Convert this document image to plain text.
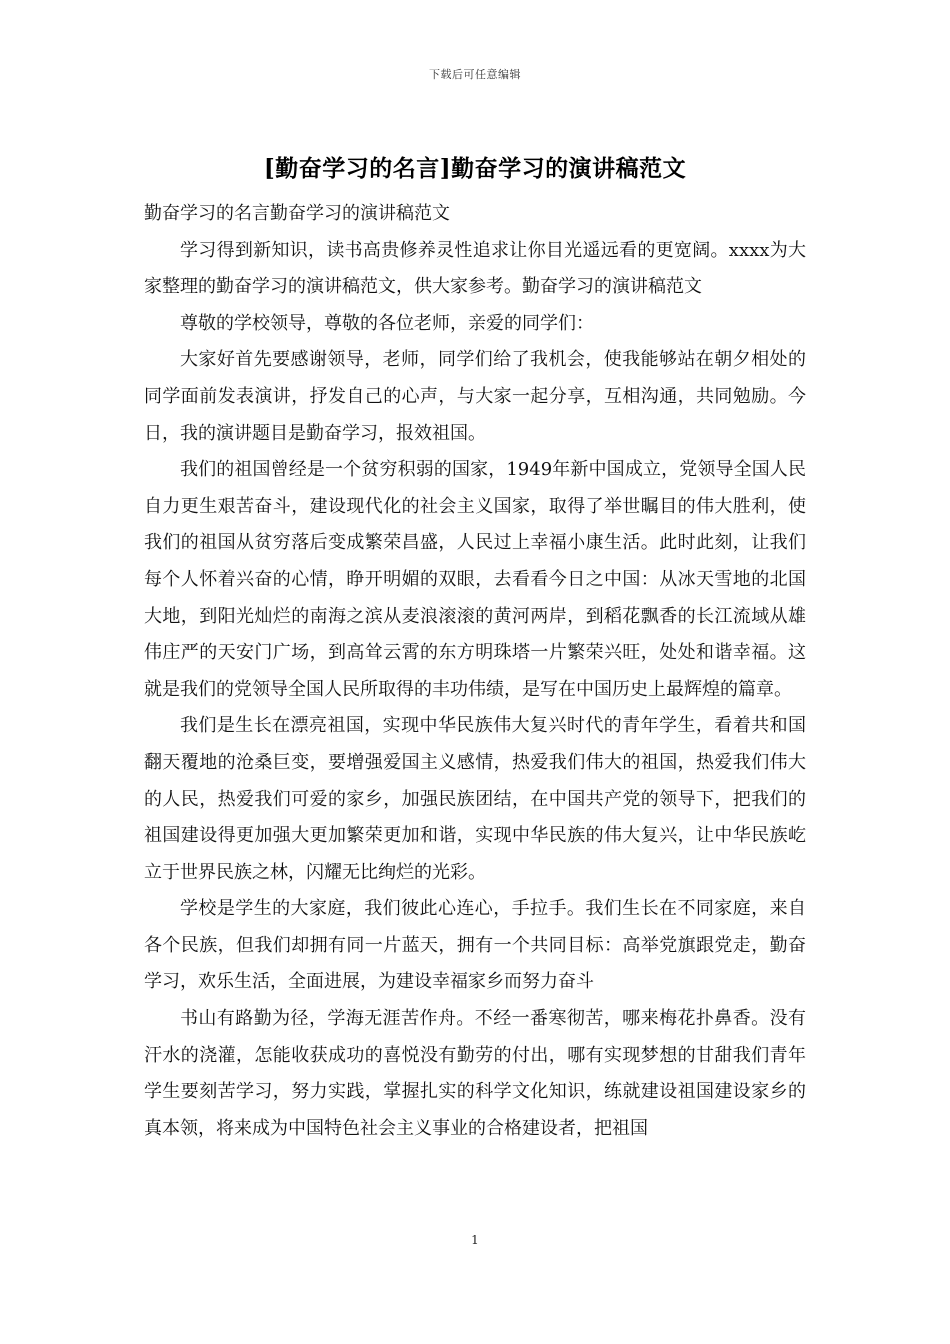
下载后可任意编辑
[勤奋学习的名言]勤奋学习的演讲稿范文

勤奋学习的名言勤奋学习的演讲稿范文

学习得到新知识，读书高贵修养灵性追求让你目光遥远看的更宽阔。xxxx为大家整理的勤奋学习的演讲稿范文，供大家参考。勤奋学习的演讲稿范文

尊敬的学校领导，尊敬的各位老师，亲爱的同学们：

大家好首先要感谢领导，老师，同学们给了我机会，使我能够站在朝夕相处的同学面前发表演讲，抒发自己的心声，与大家一起分享，互相沟通，共同勉励。今日，我的演讲题目是勤奋学习，报效祖国。

我们的祖国曾经是一个贫穷积弱的国家，1949年新中国成立，党领导全国人民自力更生艰苦奋斗，建设现代化的社会主义国家，取得了举世瞩目的伟大胜利，使我们的祖国从贫穷落后变成繁荣昌盛，人民过上幸福小康生活。此时此刻，让我们每个人怀着兴奋的心情，睁开明媚的双眼，去看看今日之中国：从冰天雪地的北国大地，到阳光灿烂的南海之滨从麦浪滚滚的黄河两岸，到稻花飘香的长江流域从雄伟庄严的天安门广场，到高耸云霄的东方明珠塔一片繁荣兴旺，处处和谐幸福。这就是我们的党领导全国人民所取得的丰功伟绩，是写在中国历史上最辉煌的篇章。

我们是生长在漂亮祖国，实现中华民族伟大复兴时代的青年学生，看着共和国翻天覆地的沧桑巨变，要增强爱国主义感情，热爱我们伟大的祖国，热爱我们伟大的人民，热爱我们可爱的家乡，加强民族团结，在中国共产党的领导下，把我们的祖国建设得更加强大更加繁荣更加和谐，实现中华民族的伟大复兴，让中华民族屹立于世界民族之林，闪耀无比绚烂的光彩。

学校是学生的大家庭，我们彼此心连心，手拉手。我们生长在不同家庭，来自各个民族，但我们却拥有同一片蓝天，拥有一个共同目标：高举党旗跟党走，勤奋学习，欢乐生活，全面进展，为建设幸福家乡而努力奋斗

书山有路勤为径，学海无涯苦作舟。不经一番寒彻苦，哪来梅花扑鼻香。没有汗水的浇灌，怎能收获成功的喜悦没有勤劳的付出，哪有实现梦想的甘甜我们青年学生要刻苦学习，努力实践，掌握扎实的科学文化知识，练就建设祖国建设家乡的真本领，将来成为中国特色社会主义事业的合格建设者，把祖国

1
